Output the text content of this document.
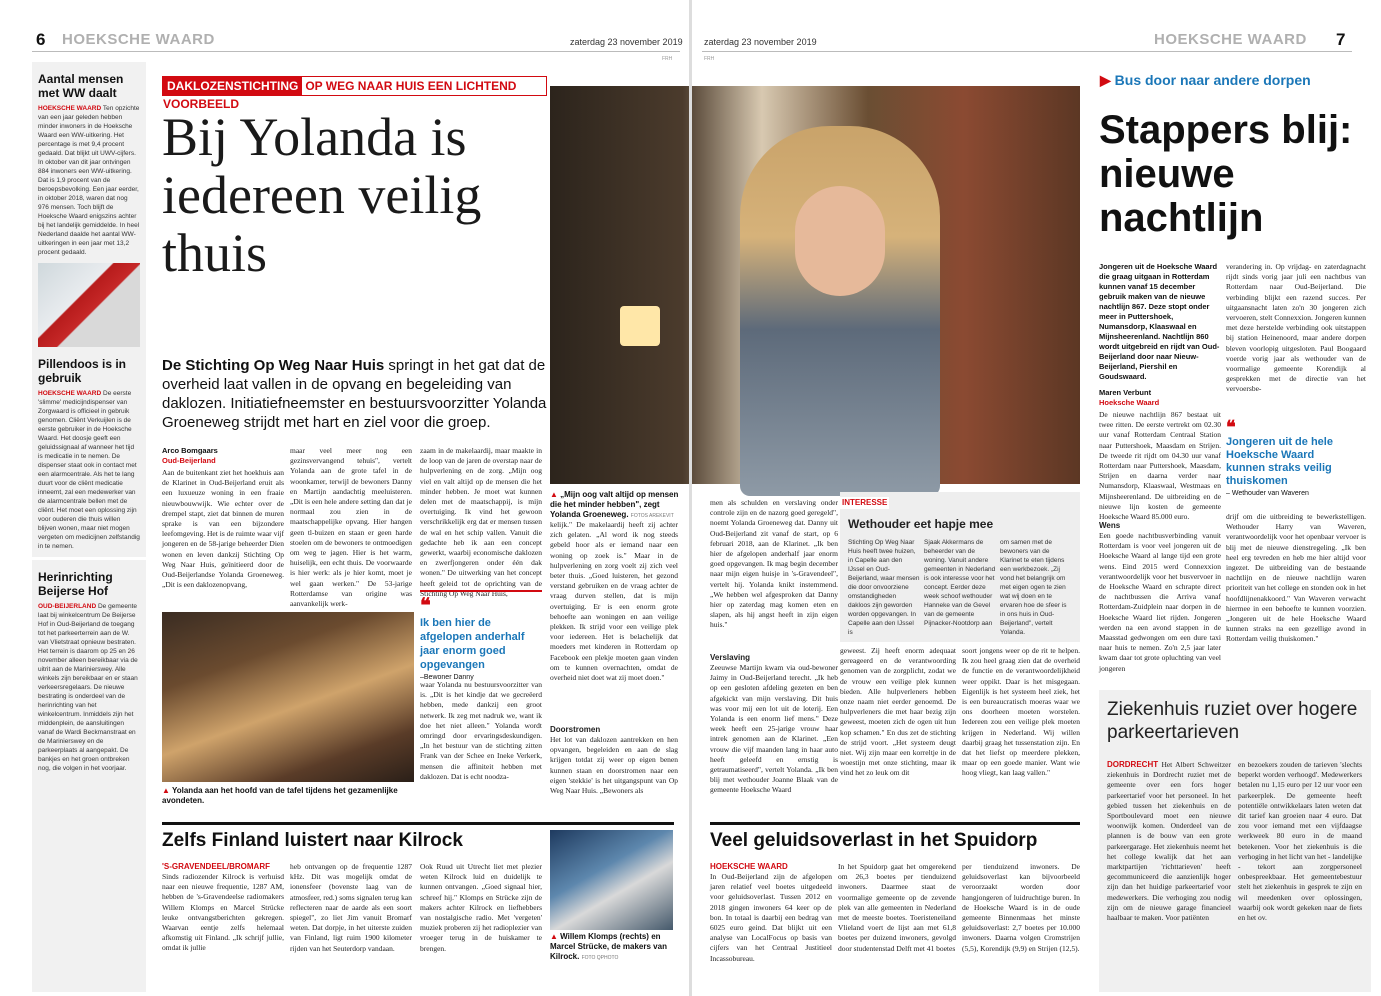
6 HOEKSCHE WAARD	zaterdag 23 november 2019
FRH
Aantal mensen met WW daalt
HOEKSCHE WAARD Ten opzichte van een jaar geleden hebben minder inwoners in de Hoeksche Waard een WW-uitkering. Het percentage is met 9,4 procent gedaald. Dat blijkt uit UWV-cijfers. In oktober van dit jaar ontvingen 884 inwoners een WW-uitkering. Dat is 1,9 procent van de beroepsbevolking. Een jaar eerder, in oktober 2018, waren dat nog 976 mensen. Toch blijft de Hoeksche Waard enigszins achter bij het landelijk gemiddelde. In heel Nederland daalde het aantal WW-uitkeringen in een jaar met 13,2 procent gedaald.
Pillendoos is in gebruik
HOEKSCHE WAARD De eerste 'slimme' medicijndispenser van Zorgwaard is officieel in gebruik genomen. Cliënt Verkuijlen is de eerste gebruiker in de Hoeksche Waard. Het doosje geeft een geluidssignaal af wanneer het tijd is medicatie in te nemen. De dispenser staat ook in contact met een alarmcentrale. Als het te lang duurt voor de cliënt medicatie inneemt, zal een medewerker van de alarmcentrale bellen met de cliënt. Het moet een oplossing zijn voor ouderen die thuis willen blijven wonen, maar niet mogen vergeten om medicijnen zelfstandig in te nemen.
Herinrichting Beijerse Hof
OUD-BEIJERLAND De gemeente laat bij winkelcentrum De Beijerse Hof in Oud-Beijerland de toegang tot het parkeerterrein aan de W. van Vlietstraat opnieuw bestraten. Het terrein is daarom op 25 en 26 november alleen bereikbaar via de uitrit aan de Marinierswey. Alle winkels zijn bereikbaar en er staan verkeersregelaars. De nieuwe bestrating is onderdeel van de herinrichting van het winkelcentrum. Inmiddels zijn het middenplein, de aansluitingen vanaf de Wardi Beckmanstraat en de Marinierswey en de parkeerplaats al aangepakt. De bankjes en het groen ontbreken nog, die volgen in het voorjaar.
DAKLOZENSTICHTING OP WEG NAAR HUIS EEN LICHTEND VOORBEELD
Bij Yolanda is iedereen veilig thuis
De Stichting Op Weg Naar Huis springt in het gat dat de overheid laat vallen in de opvang en begeleiding van daklozen. Initiatiefneemster en bestuursvoorzitter Yolanda Groeneweg strijdt met hart en ziel voor die groep.
Arco Bomgaars
Oud-Beijerland
Aan de buitenkant ziet het hoekhuis aan de Klarinet in Oud-Beijerland eruit als een luxueuze woning in een fraaie nieuwbouwwijk. Wie echter over de drempel stapt, ziet dat binnen de muren sprake is van een bijzondere leefomgeving. Het is de ruimte waar vijf jongeren en de 58-jarige beheerder Dien wonen en leven dankzij Stichting Op Weg Naar Huis, geïnitieerd door de Oud-Beijerlandse Yolanda Groeneweg. „Dit is een daklozenopvang,
maar veel meer nog een gezinsvervangend tehuis", vertelt Yolanda aan de grote tafel in de woonkamer, terwijl de bewoners Danny en Martijn aandachtig meeluisteren. „Dit is een hele andere setting dan dat je normaal zou zien in de maatschappelijke opvang. Hier hangen geen tl-buizen en staan er geen harde stoelen om de bewoners te ontmoedigen om weg te jagen. Hier is het warm, huiselijk, een echt thuis. De voorwaarde is hier werk: als je hier komt, moet je wel gaan werken." De 53-jarige Rotterdamse van origine was aanvankelijk werk-
zaam in de makelaardij, maar maakte in de loop van de jaren de overstap naar de hulpverlening en de zorg. „Mijn oog viel en valt altijd op de mensen die het minder hebben. Je moet wat kunnen delen met de maatschappij, is mijn overtuiging. Ik vind het gewoon verschrikkelijk erg dat er mensen tussen de wal en het schip vallen. Vanuit die gedachte heb ik aan een concept gewerkt, waarbij economische daklozen en zwerfjongeren onder één dak wonen." De uitwerking van het concept heeft geleid tot de oprichting van de Stichting Op Weg Naar Huis,
▲ Yolanda aan het hoofd van de tafel tijdens het gezamenlijke avondeten.
❝
Ik ben hier de afgelopen anderhalf jaar enorm goed opgevangen
–Bewoner Danny
waar Yolanda nu bestuursvoorzitter van is. „Dit is het kindje dat we gecreëerd hebben, mede dankzij een groot netwerk. Ik zeg met nadruk we, want ik doe het niet alleen." Yolanda wordt omringd door ervaringsdeskundigen. „In het bestuur van de stichting zitten Frank van der Schee en Ineke Verkerk, mensen die affiniteit hebben met daklozen. Dat is echt noodza-
▲ „Mijn oog valt altijd op mensen die het minder hebben", zegt Yolanda Groeneweg. FOTOS AREKEVIT
kelijk." De makelaardij heeft zij achter zich gelaten. „Al word ik nog steeds gebeld hoor als er iemand naar een woning op zoek is." Maar in de hulpverlening en zorg voelt zij zich veel beter thuis. „Goed luisteren, het gezond verstand gebruiken en de vraag achter de vraag durven stellen, dat is mijn overtuiging. Er is een enorm grote behoefte aan woningen en aan veilige plekken. Ik strijd voor een veilige plek voor iedereen. Het is belachelijk dat moeders met kinderen in Rotterdam op Facebook een plekje moeten gaan vinden om te kunnen overnachten, omdat de overheid niet doet wat zij moet doen."
Doorstromen
Het lot van daklozen aantrekken en hen opvangen, begeleiden en aan de slag krijgen totdat zij weer op eigen benen kunnen staan en doorstromen naar een eigen 'stekkie' is het uitgangspunt van Op Weg Naar Huis. „Bewoners als
Zelfs Finland luistert naar Kilrock
'S-GRAVENDEEL/BROMARF
Sinds radiozender Kilrock is verhuisd naar een nieuwe frequentie, 1287 AM, hebben de 's-Gravendeelse radiomakers Willem Klomps en Marcel Strücke leuke ontvangstberichten gekregen. Waarvan eentje zelfs helemaal afkomstig uit Finland. „Ik schrijf jullie, omdat ik jullie
heb ontvangen op de frequentie 1287 kHz. Dit was mogelijk omdat de ionensfeer (bovenste laag van de atmosfeer, red.) soms signalen terug kan reflecteren naar de aarde als een soort spiegel", zo liet Jim vanuit Bromarf weten. Dat dorpje, in het uiterste zuiden van Finland, ligt ruim 1900 kilometer rijden van het Seuterdorp vandaan.
Ook Ruud uit Utrecht liet met plezier weten Kilrock luid en duidelijk te kunnen ontvangen. „Goed signaal hier, schreef hij." Klomps en Strücke zijn de makers achter Kilrock en liefhebbers van nostalgische radio. Met 'vergeten' muziek proberen zij het radioplezier van vroeger terug in de huiskamer te brengen.
▲ Willem Klomps (rechts) en Marcel Strücke, de makers van Kilrock. FOTO QPHOTO
zaterdag 23 november 2019	HOEKSCHE WAARD 7
FRH
men als schulden en verslaving onder controle zijn en de nazorg goed geregeld", noemt Yolanda Groeneweg dat. Danny uit Oud-Beijerland zit vanaf de start, op 6 februari 2018, aan de Klarinet. „Ik ben hier de afgelopen anderhalf jaar enorm goed opgevangen. Ik mag begin december naar mijn eigen huisje in 's-Gravendeel", vertelt hij. Yolanda knikt instemmend. „We hebben wel afgesproken dat Danny hier op zaterdag mag komen eten en slapen, als hij angst heeft in zijn eigen huis."
Verslaving
Zeeuwse Martijn kwam via oud-bewoner Jaimy in Oud-Beijerland terecht. „Ik heb op een gesloten afdeling gezeten en ben afgekickt van mijn verslaving. Dit huis was voor mij een lot uit de loterij. Een Yolanda is een enorm lief mens." Deze week heeft een 25-jarige vrouw haar intrek genomen aan de Klarinet. „Een vrouw die vijf maanden lang in haar auto heeft geleefd en ernstig is getraumatiseerd", vertelt Yolanda. „Ik ben blij met wethouder Joanne Blaak van de gemeente Hoeksche Waard
geweest. Zij heeft enorm adequaat gereageerd en de verantwoording genomen van de zorgplicht, zodat we de vrouw een veilige plek kunnen bieden. Alle hulpverleners hebben onze naam niet eerder genoemd. De hulpverleners die met haar bezig zijn geweest, moeten zich de ogen uit hun kop schamen." En dus zet de stichting de strijd voort. „Het systeem deugt niet. Wij zijn maar een korreltje in de woestijn met onze stichting, maar ik vind het zo leuk om dit
soort jongens weer op de rit te helpen. Ik zou heel graag zien dat de overheid de functie en de verantwoordelijkheid weer oppikt. Daar is het misgegaan. Eigenlijk is het systeem heel ziek, het is een bureaucratisch moeras waar we ons doorheen moeten worstelen. Iedereen zou een veilige plek moeten krijgen in Nederland. Wij willen daarbij graag het tussenstation zijn. En dat het liefst op meerdere plekken, maar op een goede manier. Want wie hoog vliegt, kan laag vallen."
INTERESSE
Wethouder eet hapje mee
Stichting Op Weg Naar Huis heeft twee huizen, in Capelle aan den IJssel en Oud-Beijerland, waar mensen die door onvoorziene omstandigheden dakloos zijn geworden worden opgevangen. In Capelle aan den IJssel is
Sjaak Akkermans de beheerder van de woning. Vanuit andere gemeenten in Nederland is ook interesse voor het concept. Eerder deze week schoof wethouder Hanneke van de Gevel van de gemeente Pijnacker-Nootdorp aan
om samen met de bewoners van de Klarinet te eten tijdens een werkbezoek. „Zij vond het belangrijk om met eigen ogen te zien wat wij doen en te ervaren hoe de sfeer is in ons huis in Oud-Beijerland", vertelt Yolanda.
Veel geluidsoverlast in het Spuidorp
HOEKSCHE WAARD
In Oud-Beijerland zijn de afgelopen jaren relatief veel boetes uitgedeeld voor geluidsoverlast. Tussen 2012 en 2018 gingen inwoners 64 keer op de bon. In totaal is daarbij een bedrag van 6025 euro geind. Dat blijkt uit een analyse van LocalFocus op basis van cijfers van het Centraal Justitieel Incassobureau.
In het Spuidorp gaat het omgerekend om 26,3 boetes per tienduizend inwoners. Daarmee staat de voormalige gemeente op de zevende plek van alle gemeenten in Nederland met de meeste boetes. Toeristeneiland Vlieland voert de lijst aan met 61,8 boetes per duizend inwoners, gevolgd door studentenstad Delft met 41 boetes
per tienduizend inwoners. De geluidsoverlast kan bijvoorbeeld veroorzaakt worden door hangjongeren of luidruchtige buren. In de Hoeksche Waard is in de oude gemeente Binnenmaas het minste geluidsoverlast: 2,7 boetes per 10.000 inwoners. Daarna volgen Cromstrijen (5,5), Korendijk (9,9) en Strijen (12,5).
▶ Bus door naar andere dorpen
Stappers blij: nieuwe nachtlijn
Jongeren uit de Hoeksche Waard die graag uitgaan in Rotterdam kunnen vanaf 15 december gebruik maken van de nieuwe nachtlijn 867. Deze stopt onder meer in Puttershoek, Numansdorp, Klaaswaal en Mijnsheerenland. Nachtlijn 860 wordt uitgebreid en rijdt van Oud-Beijerland door naar Nieuw-Beijerland, Piershil en Goudswaard.
Maren Verbunt
Hoeksche Waard
De nieuwe nachtlijn 867 bestaat uit twee ritten. De eerste vertrekt om 02.30 uur vanaf Rotterdam Centraal Station naar Puttershoek, Maasdam en Strijen. De tweede rit rijdt om 04.30 uur vanaf Rotterdam naar Puttershoek, Maasdam, Strijen en daarna verder naar Numansdorp, Klaaswaal, Westmaas en Mijnsheerenland. De uitbreiding en de nieuwe lijn kosten de gemeente Hoeksche Waard 85.000 euro.
Wens
Een goede nachtbusverbinding vanuit Rotterdam is voor veel jongeren uit de Hoeksche Waard al lange tijd een grote wens. Eind 2015 werd Connexxion verantwoordelijk voor het busvervoer in de Hoeksche Waard en schrapte direct de nachtbussen die Arriva vanaf Rotterdam-Zuidplein naar dorpen in de Hoeksche Waard liet rijden. Jongeren werden na een avond stappen in de Maasstad gedwongen om een dure taxi naar huis te nemen. Zo'n 2,5 jaar later kwam daar tot grote opluchting van veel jongeren
verandering in. Op vrijdag- en zaterdagnacht rijdt sinds vorig jaar juli een nachtbus van Rotterdam naar Oud-Beijerland. Die verbinding blijkt een razend succes. Per uitgaansnacht laten zo'n 30 jongeren zich vervoeren, stelt Connexxion. Jongeren kunnen met deze herstelde verbinding ook uitstappen bij station Heinenoord, maar andere dorpen bleven voorlopig uitgesloten. Paul Boogaard voerde vorig jaar als wethouder van de voormalige gemeente Korendijk al gesprekken met de directie van het vervoersbe-
❝
Jongeren uit de hele Hoeksche Waard kunnen straks veilig thuiskomen
– Wethouder van Waveren
drijf om die uitbreiding te bewerkstelligen. Wethouder Harry van Waveren, verantwoordelijk voor het openbaar vervoer is blij met de nieuwe dienstregeling. „Ik ben heel erg tevreden en heb me hier altijd voor ingezet. De uitbreiding van de bestaande nachtlijn en de nieuwe nachtlijn waren prioriteit van het college en stonden ook in het hoofdlijnenakkoord." Van Waveren verwacht hiermee in een behoefte te kunnen voorzien. „Jongeren uit de hele Hoeksche Waard kunnen straks na een gezellige avond in Rotterdam veilig thuiskomen."
Ziekenhuis ruziet over hogere parkeertarieven
DORDRECHT Het Albert Schweitzer ziekenhuis in Dordrecht ruziet met de gemeente over een fors hoger parkeertarief voor het personeel. In het gebied tussen het ziekenhuis en de Sportboulevard moet een nieuwe woonwijk komen. Onderdeel van de plannen is de bouw van een grote parkeergarage. Het ziekenhuis neemt het het college kwalijk dat het aan marktpartijen 'richttarieven' heeft gecommuniceerd die aanzienlijk hoger zijn dan het huidige parkeertarief voor medewerkers. Die verhoging zou nodig zijn om de nieuwe garage financieel haalbaar te maken. Voor patiënten
en bezoekers zouden de tarieven 'slechts beperkt worden verhoogd'. Medewerkers betalen nu 1,15 euro per 12 uur voor een parkeerplek. De gemeente heeft potentiële ontwikkelaars laten weten dat dit tarief kan groeien naar 4 euro. Dat zou voor iemand met een vijfdaagse werkweek 80 euro in de maand betekenen. Voor het ziekenhuis is die verhoging in het licht van het - landelijke - tekort aan zorgpersoneel onbespreekbaar. Het gemeentebestuur stelt het ziekenhuis in gesprek te zijn en wil meedenken over oplossingen, waarbij ook wordt gekeken naar de fiets en het ov.
